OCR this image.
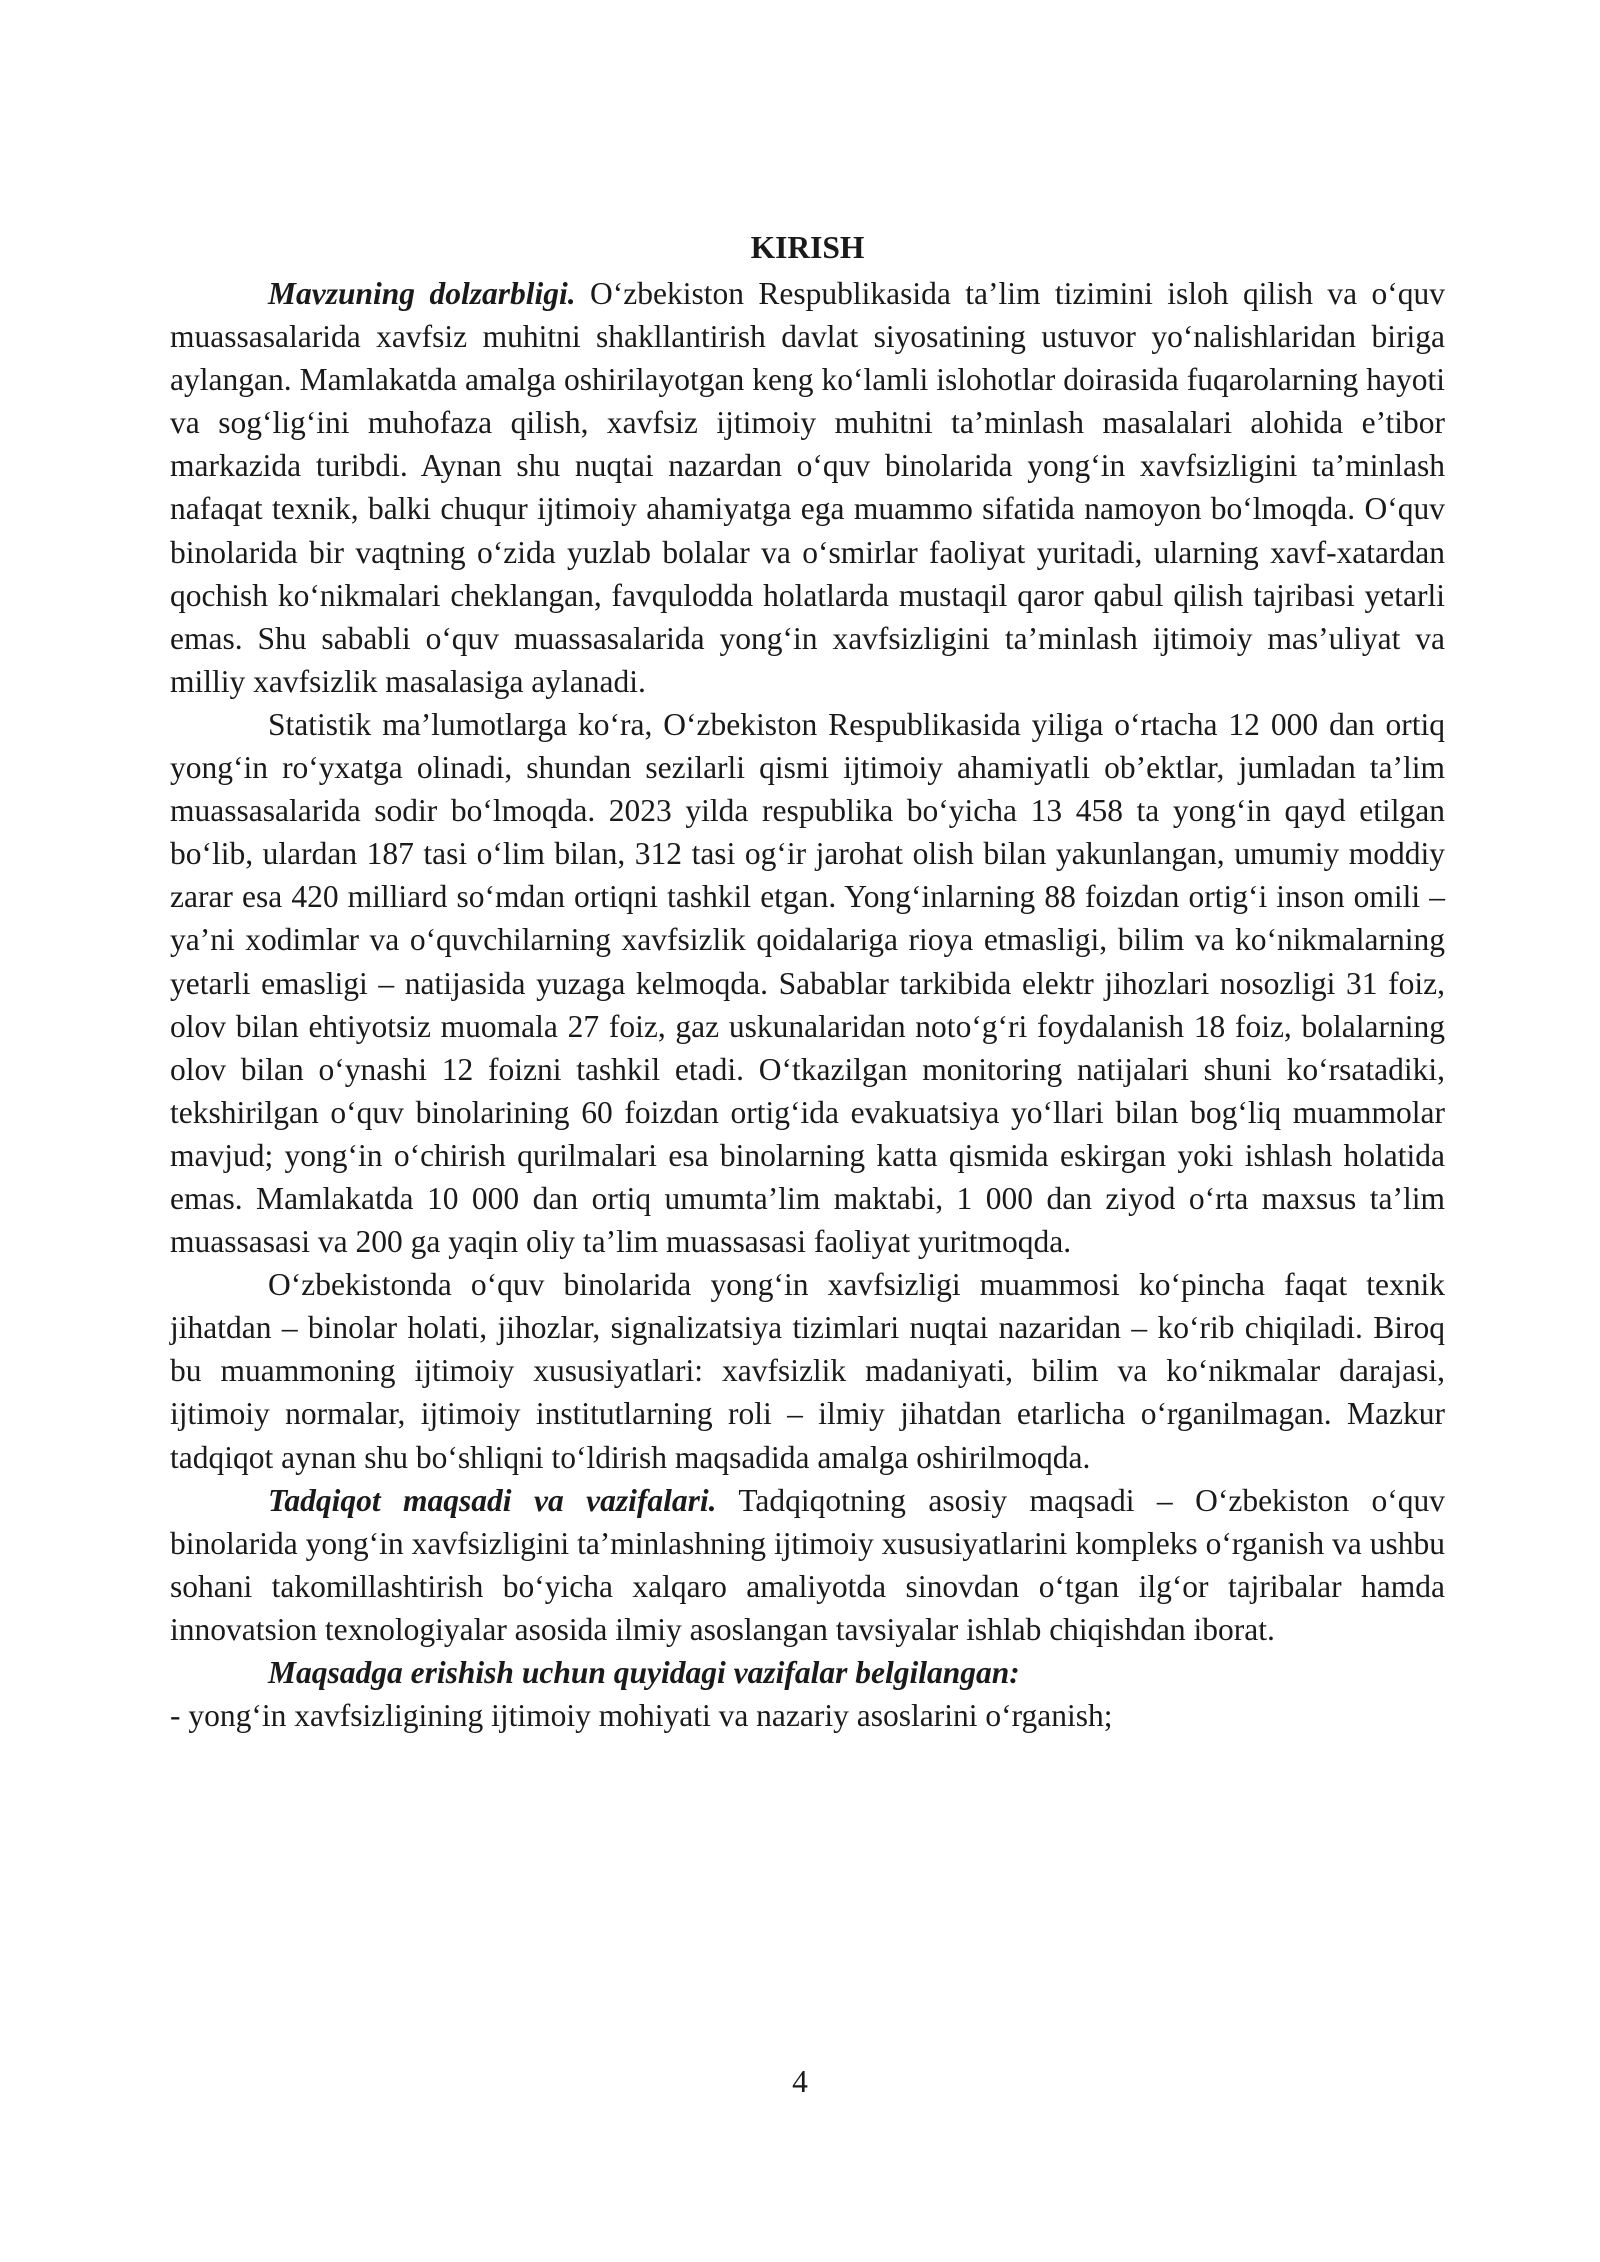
KIRISH

Mavzuning dolzarbligi. O‘zbekiston Respublikasida ta’lim tizimini isloh qilish va o‘quv muassasalarida xavfsiz muhitni shakllantirish davlat siyosatining ustuvor yo‘nalishlaridan biriga aylangan. Mamlakatda amalga oshirilayotgan keng ko‘lamli islohotlar doirasida fuqarolarning hayoti va sog‘lig‘ini muhofaza qilish, xavfsiz ijtimoiy muhitni ta’minlash masalalari alohida e’tibor markazida turibdi. Aynan shu nuqtai nazardan o‘quv binolarida yong‘in xavfsizligini ta’minlash nafaqat texnik, balki chuqur ijtimoiy ahamiyatga ega muammo sifatida namoyon bo‘lmoqda. O‘quv binolarida bir vaqtning o‘zida yuzlab bolalar va o‘smirlar faoliyat yuritadi, ularning xavf-xatardan qochish ko‘nikmalari cheklangan, favqulodda holatlarda mustaqil qaror qabul qilish tajribasi yetarli emas. Shu sababli o‘quv muassasalarida yong‘in xavfsizligini ta’minlash ijtimoiy mas’uliyat va milliy xavfsizlik masalasiga aylanadi.

Statistik ma’lumotlarga ko‘ra, O‘zbekiston Respublikasida yiliga o‘rtacha 12 000 dan ortiq yong‘in ro‘yxatga olinadi, shundan sezilarli qismi ijtimoiy ahamiyatli ob’ektlar, jumladan ta’lim muassasalarida sodir bo‘lmoqda. 2023 yilda respublika bo‘yicha 13 458 ta yong‘in qayd etilgan bo‘lib, ulardan 187 tasi o‘lim bilan, 312 tasi og‘ir jarohat olish bilan yakunlangan, umumiy moddiy zarar esa 420 milliard so‘mdan ortiqni tashkil etgan. Yong‘inlarning 88 foizdan ortig‘i inson omili – ya’ni xodimlar va o‘quvchilarning xavfsizlik qoidalariga rioya etmasligi, bilim va ko‘nikmalarning yetarli emasligi – natijasida yuzaga kelmoqda. Sabablar tarkibida elektr jihozlari nosozligi 31 foiz, olov bilan ehtiyotsiz muomala 27 foiz, gaz uskunalaridan noto‘g‘ri foydalanish 18 foiz, bolalarning olov bilan o‘ynashi 12 foizni tashkil etadi. O‘tkazilgan monitoring natijalari shuni ko‘rsatadiki, tekshirilgan o‘quv binolarining 60 foizdan ortig‘ida evakuatsiya yo‘llari bilan bog‘liq muammolar mavjud; yong‘in o‘chirish qurilmalari esa binolarning katta qismida eskirgan yoki ishlash holatida emas. Mamlakatda 10 000 dan ortiq umumta’lim maktabi, 1 000 dan ziyod o‘rta maxsus ta’lim muassasasi va 200 ga yaqin oliy ta’lim muassasasi faoliyat yuritmoqda.

O‘zbekistonda o‘quv binolarida yong‘in xavfsizligi muammosi ko‘pincha faqat texnik jihatdan – binolar holati, jihozlar, signalizatsiya tizimlari nuqtai nazaridan – ko‘rib chiqiladi. Biroq bu muammoning ijtimoiy xususiyatlari: xavfsizlik madaniyati, bilim va ko‘nikmalar darajasi, ijtimoiy normalar, ijtimoiy institutlarning roli – ilmiy jihatdan etarlicha o‘rganilmagan. Mazkur tadqiqot aynan shu bo‘shliqni to‘ldirish maqsadida amalga oshirilmoqda.

Tadqiqot maqsadi va vazifalari. Tadqiqotning asosiy maqsadi – O‘zbekiston o‘quv binolarida yong‘in xavfsizligini ta’minlashning ijtimoiy xususiyatlarini kompleks o‘rganish va ushbu sohani takomillashtirish bo‘yicha xalqaro amaliyotda sinovdan o‘tgan ilg‘or tajribalar hamda innovatsion texnologiyalar asosida ilmiy asoslangan tavsiyalar ishlab chiqishdan iborat.

Maqsadga erishish uchun quyidagi vazifalar belgilangan:

- yong‘in xavfsizligining ijtimoiy mohiyati va nazariy asoslarini o‘rganish;

4
